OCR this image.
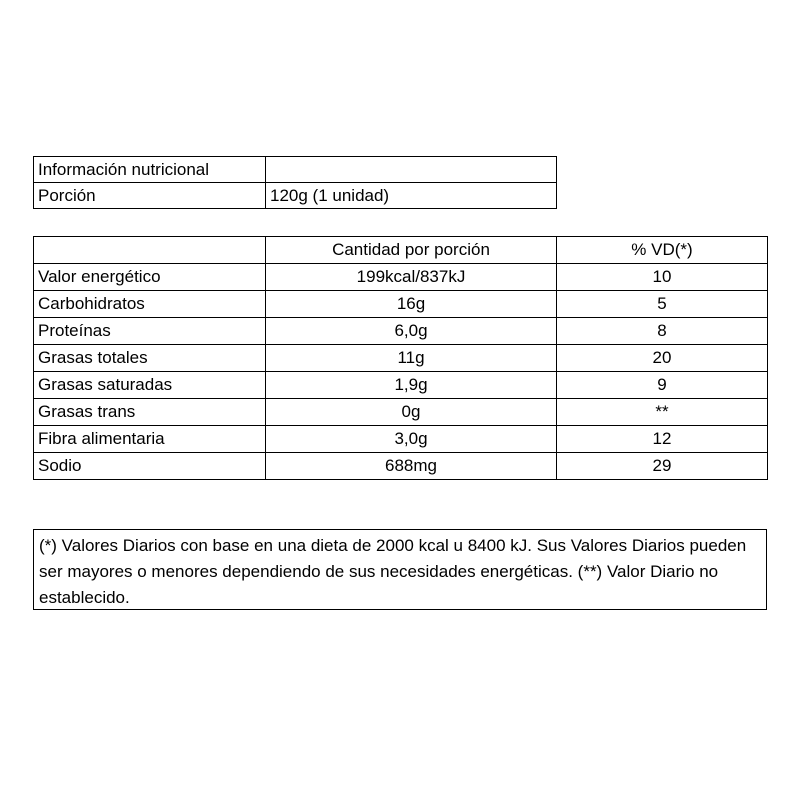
Información nutricional	
Porción	120g (1 unidad)
	Cantidad por porción	% VD(*)
Valor energético	199kcal/837kJ	10
Carbohidratos	16g	5
Proteínas	6,0g	8
Grasas totales	11g	20
Grasas saturadas	1,9g	9
Grasas trans	0g	**
Fibra alimentaria	3,0g	12
Sodio	688mg	29
(*) Valores Diarios con base en una dieta de 2000 kcal u 8400 kJ. Sus Valores Diarios pueden ser mayores o menores dependiendo de sus necesidades energéticas. (**) Valor Diario no establecido.
